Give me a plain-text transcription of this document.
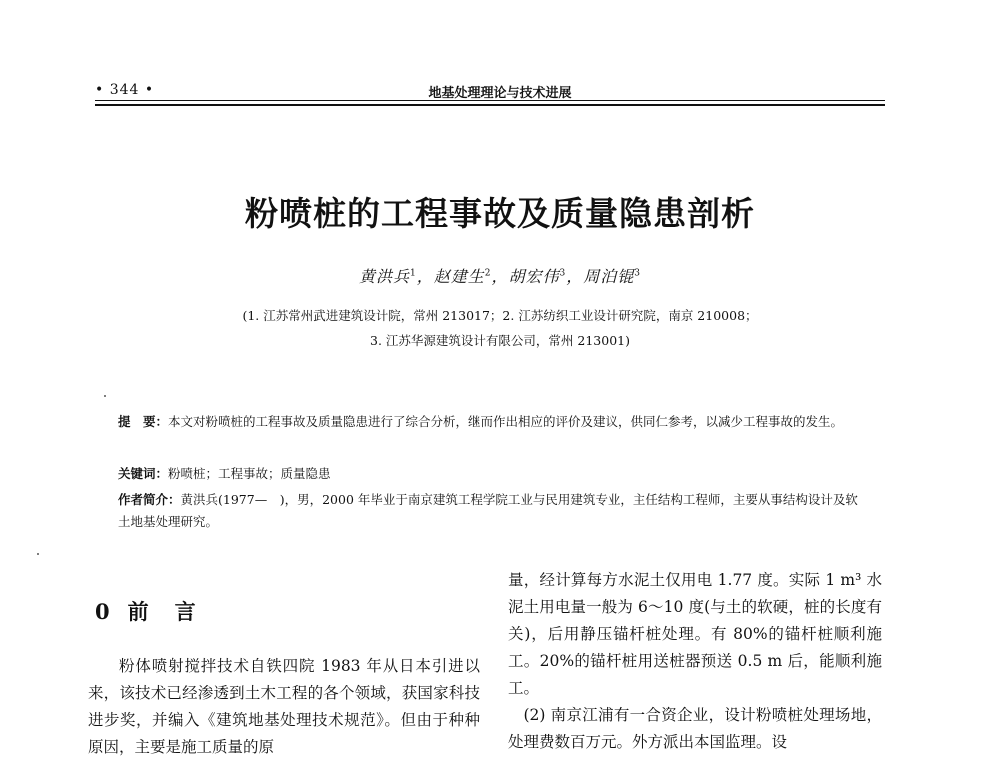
• 344 •	地基处理理论与技术进展
粉喷桩的工程事故及质量隐患剖析
黄洪兵$^1$，赵建生$^2$，胡宏伟$^3$，周泊锟$^3$
(1. 江苏常州武进建筑设计院，常州 213017；2. 江苏纺织工业设计研究院，南京 210008；
3. 江苏华源建筑设计有限公司，常州 213001)
提　要：本文对粉喷桩的工程事故及质量隐患进行了综合分析，继而作出相应的评价及建议，供同仁参考，以减少工程事故的发生。
关键词：粉喷桩；工程事故；质量隐患
作者简介：黄洪兵(1977—　)，男，2000 年毕业于南京建筑工程学院工业与民用建筑专业，主任结构工程师，主要从事结构设计及软土地基处理研究。
0 前言

粉体喷射搅拌技术自铁四院 1983 年从日本引进以来，该技术已经渗透到土木工程的各个领域，获国家科技进步奖，并编入《建筑地基处理技术规范》。但由于种种原因，主要是施工质量的原

量，经计算每方水泥土仅用电 1.77 度。实际 1 m³ 水泥土用电量一般为 6～10 度(与土的软硬，桩的长度有关)，后用静压锚杆桩处理。有 80%的锚杆桩顺利施工。20%的锚杆桩用送桩器预送 0.5 m 后，能顺利施工。

(2) 南京江浦有一合资企业，设计粉喷桩处理场地，处理费数百万元。外方派出本国监理。设
